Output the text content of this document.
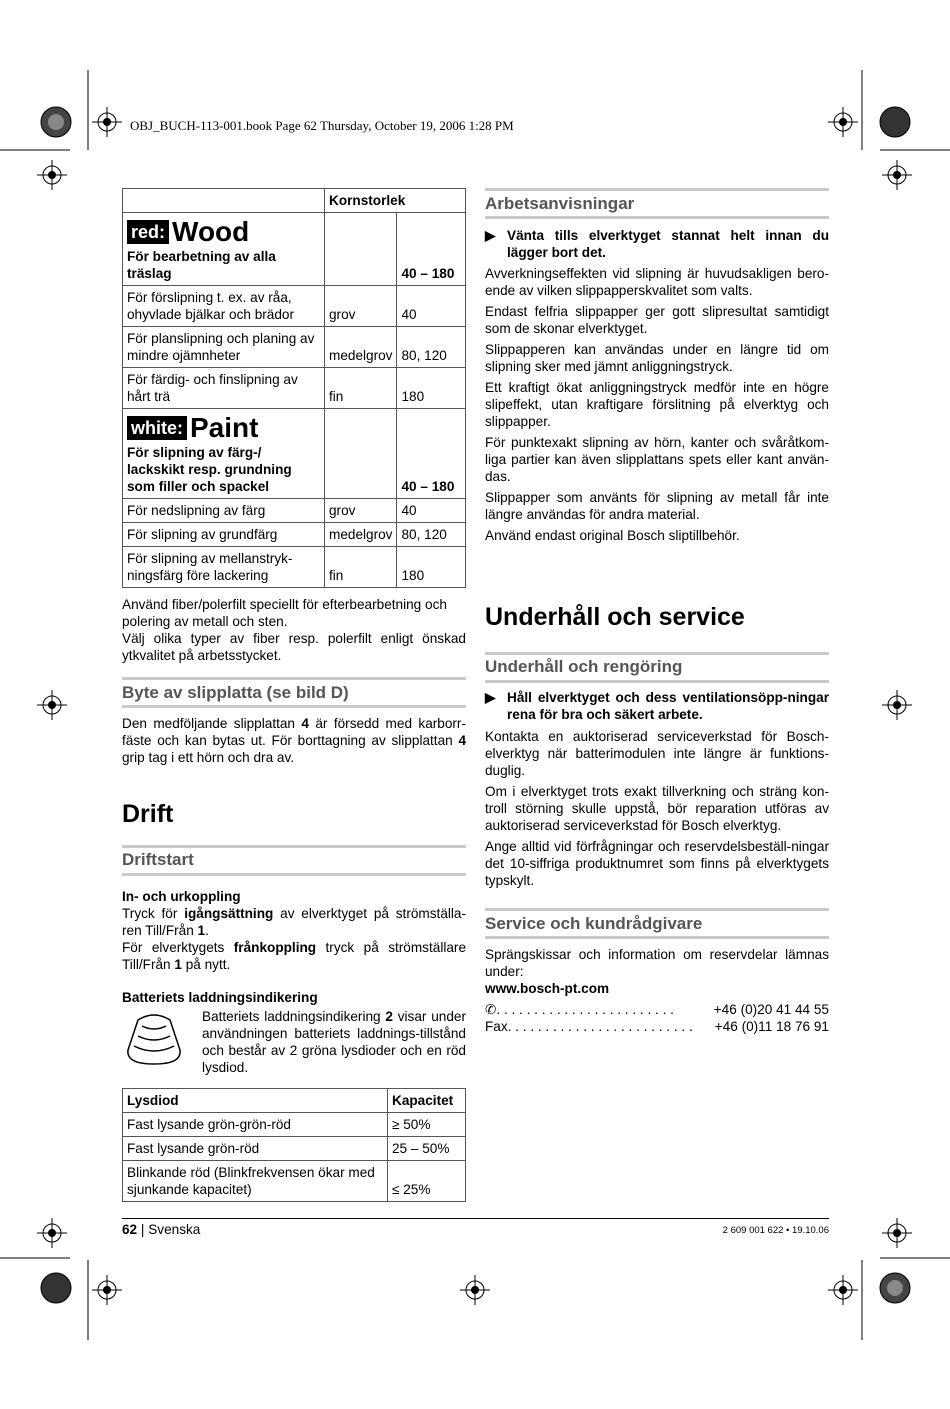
OBJ_BUCH-113-001.book Page 62 Thursday, October 19, 2006 1:28 PM
	Kornstorlek	

red: Wood
För bearbetning av alla träslag		40 – 180
För förslipning t. ex. av råa, ohyvlade bjälkar och brädor	grov	40
För planslipning och planing av mindre ojämnheter	medelgrov	80, 120
För färdig- och finslipning av hårt trä	fin	180

white: Paint
För slipning av färg-/ lackskikt resp. grundning som filler och spackel		40 – 180
För nedslipning av färg	grov	40
För slipning av grundfärg	medelgrov	80, 120
För slipning av mellanstryk- ningsfärg före lackering	fin	180

Använd fiber/polerfilt speciellt för efterbearbetning och polering av metall och sten.

Välj olika typer av fiber resp. polerfilt enligt önskad ytkvalitet på arbetsstycket.

Byte av slipplatta (se bild D)

Den medföljande slipplattan 4 är försedd med karborr-fäste och kan bytas ut. För borttagning av slipplattan 4 grip tag i ett hörn och dra av.

Drift
Driftstart

In- och urkoppling

Tryck för igångsättning av elverktyget på strömställa-ren Till/Från 1.

För elverktygets frånkoppling tryck på strömställare Till/Från 1 på nytt.

Batteriets laddningsindikering

Batteriets laddningsindikering 2 visar under användningen batteriets laddnings-tillstånd och består av 2 gröna lysdioder och en röd lysdiod.

Lysdiod	Kapacitet
Fast lysande grön-grön-röd	≥ 50%
Fast lysande grön-röd	25 – 50%
Blinkande röd (Blinkfrekvensen ökar med sjunkande kapacitet)	≤ 25%
Arbetsanvisningar
▶ Vänta tills elverktyget stannat helt innan du lägger bort det.

Avverkningseffekten vid slipning är huvudsakligen bero-ende av vilken slippapperskvalitet som valts.

Endast felfria slippapper ger gott slipresultat samtidigt som de skonar elverktyget.

Slippapperen kan användas under en längre tid om slipning sker med jämnt anliggningstryck.

Ett kraftigt ökat anliggningstryck medför inte en högre slipeffekt, utan kraftigare förslitning på elverktyg och slippapper.

För punktexakt slipning av hörn, kanter och svåråtkom-liga partier kan även slipplattans spets eller kant använ-das.

Slippapper som använts för slipning av metall får inte längre användas för andra material.

Använd endast original Bosch sliptillbehör.

Underhåll och service
Underhåll och rengöring
▶ Håll elverktyget och dess ventilationsöpp-ningar rena för bra och säkert arbete.

Kontakta en auktoriserad serviceverkstad för Bosch-elverktyg när batterimodulen inte längre är funktions-duglig.

Om i elverktyget trots exakt tillverkning och sträng kon-troll störning skulle uppstå, bör reparation utföras av auktoriserad serviceverkstad för Bosch elverktyg.

Ange alltid vid förfrågningar och reservdelsbeställ-ningar det 10-siffriga produktnumret som finns på elverktygets typskylt.

Service och kundrådgivare

Sprängskissar och information om reservdelar lämnas under:

www.bosch-pt.com

✆ . . . . . . . . . . . . . . . . . . . . . . . .	+46 (0)20 41 44 55
Fax . . . . . . . . . . . . . . . . . . . . . . . . .	+46 (0)11 18 76 91
62 | Svenska	2 609 001 622 • 19.10.06
